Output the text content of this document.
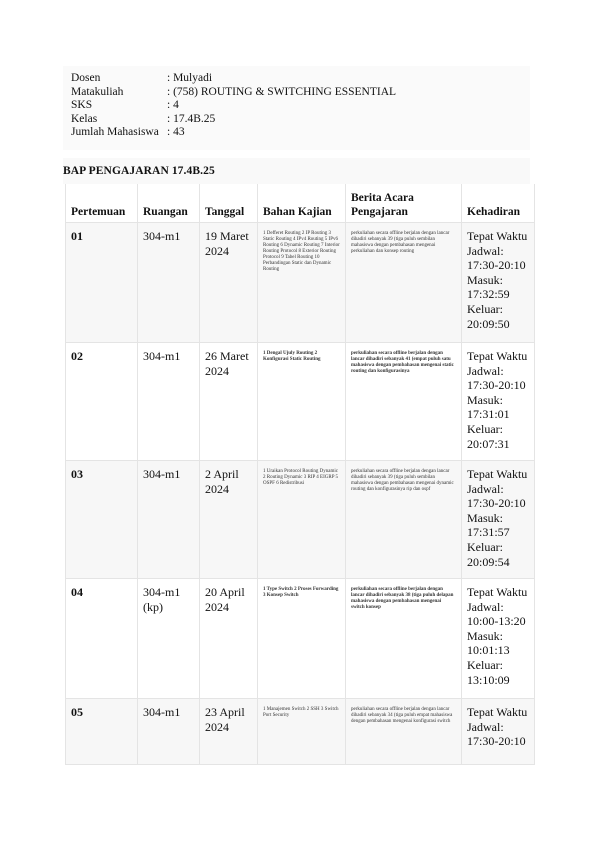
Dosen	: Mulyadi
Matakuliah	: (758) ROUTING & SWITCHING ESSENTIAL
SKS	: 4
Kelas	: 17.4B.25
Jumlah Mahasiswa : 43
BAP PENGAJARAN 17.4B.25
Pertemuan	Ruangan	Tanggal	Bahan Kajian	Berita Acara Pengajaran	Kehadiran
01	304-m1	19 Maret 2024	1 Defferet Routing 2 IP Routing 3 Static Routing 4 IPv4 Routing 5 IPv6 Routing 6 Dynamic Routing 7 Interior Routing Protocol 8 Exterior Routing Protocol 9 Tabel Routing 10 Perbandingan Static dan Dynamic Routing	perkuliahan secara offline berjalan dengan lancar dihadiri sebanyak 39 (tiga puluh sembilan mahasiswa dengan pembahasan mengenai perkuliahan dan konsep routing	Tepat Waktu Jadwal: 17:30-20:10 Masuk: 17:32:59 Keluar: 20:09:50
02	304-m1	26 Maret 2024	1 Dengal Ujuly Routing 2 Konfigurasi Static Routing	perkuliahan secara offline berjalan dengan lancar dihadiri sebanyak 41 (empat puluh satu mahasiswa dengan pembahasan mengenai static routing dan konfigurasinya	Tepat Waktu Jadwal: 17:30-20:10 Masuk: 17:31:01 Keluar: 20:07:31
03	304-m1	2 April 2024	1 Uraikan Protocol Routing Dynamic 2 Routing Dynamic 3 RIP 4 EIGRP 5 OSPF 6 Redistribusi	perkuliahan secara offline berjalan dengan lancar dihadiri sebanyak 39 (tiga puluh sembilan mahasiswa dengan pembahasan mengenai dynamic routing dan konfigurasinya rip dan ospf	Tepat Waktu Jadwal: 17:30-20:10 Masuk: 17:31:57 Keluar: 20:09:54
04	304-m1 (kp)	20 April 2024	1 Type Switch 2 Proses Forwarding 3 Konsep Switch	perkuliahan secara offline berjalan dengan lancar dihadiri sebanyak 38 (tiga puluh delapan mahasiswa dengan pembahasan mengenai switch konsep	Tepat Waktu Jadwal: 10:00-13:20 Masuk: 10:01:13 Keluar: 13:10:09
05	304-m1	23 April 2024	1 Manajemen Switch 2 SSH 3 Switch Port Security	perkuliahan secara offline berjalan dengan lancar dihadiri sebanyak 34 (tiga puluh empat mahasiswa dengan pembahasan mengenai konfigurasi switch	Tepat Waktu Jadwal: 17:30-20:10
